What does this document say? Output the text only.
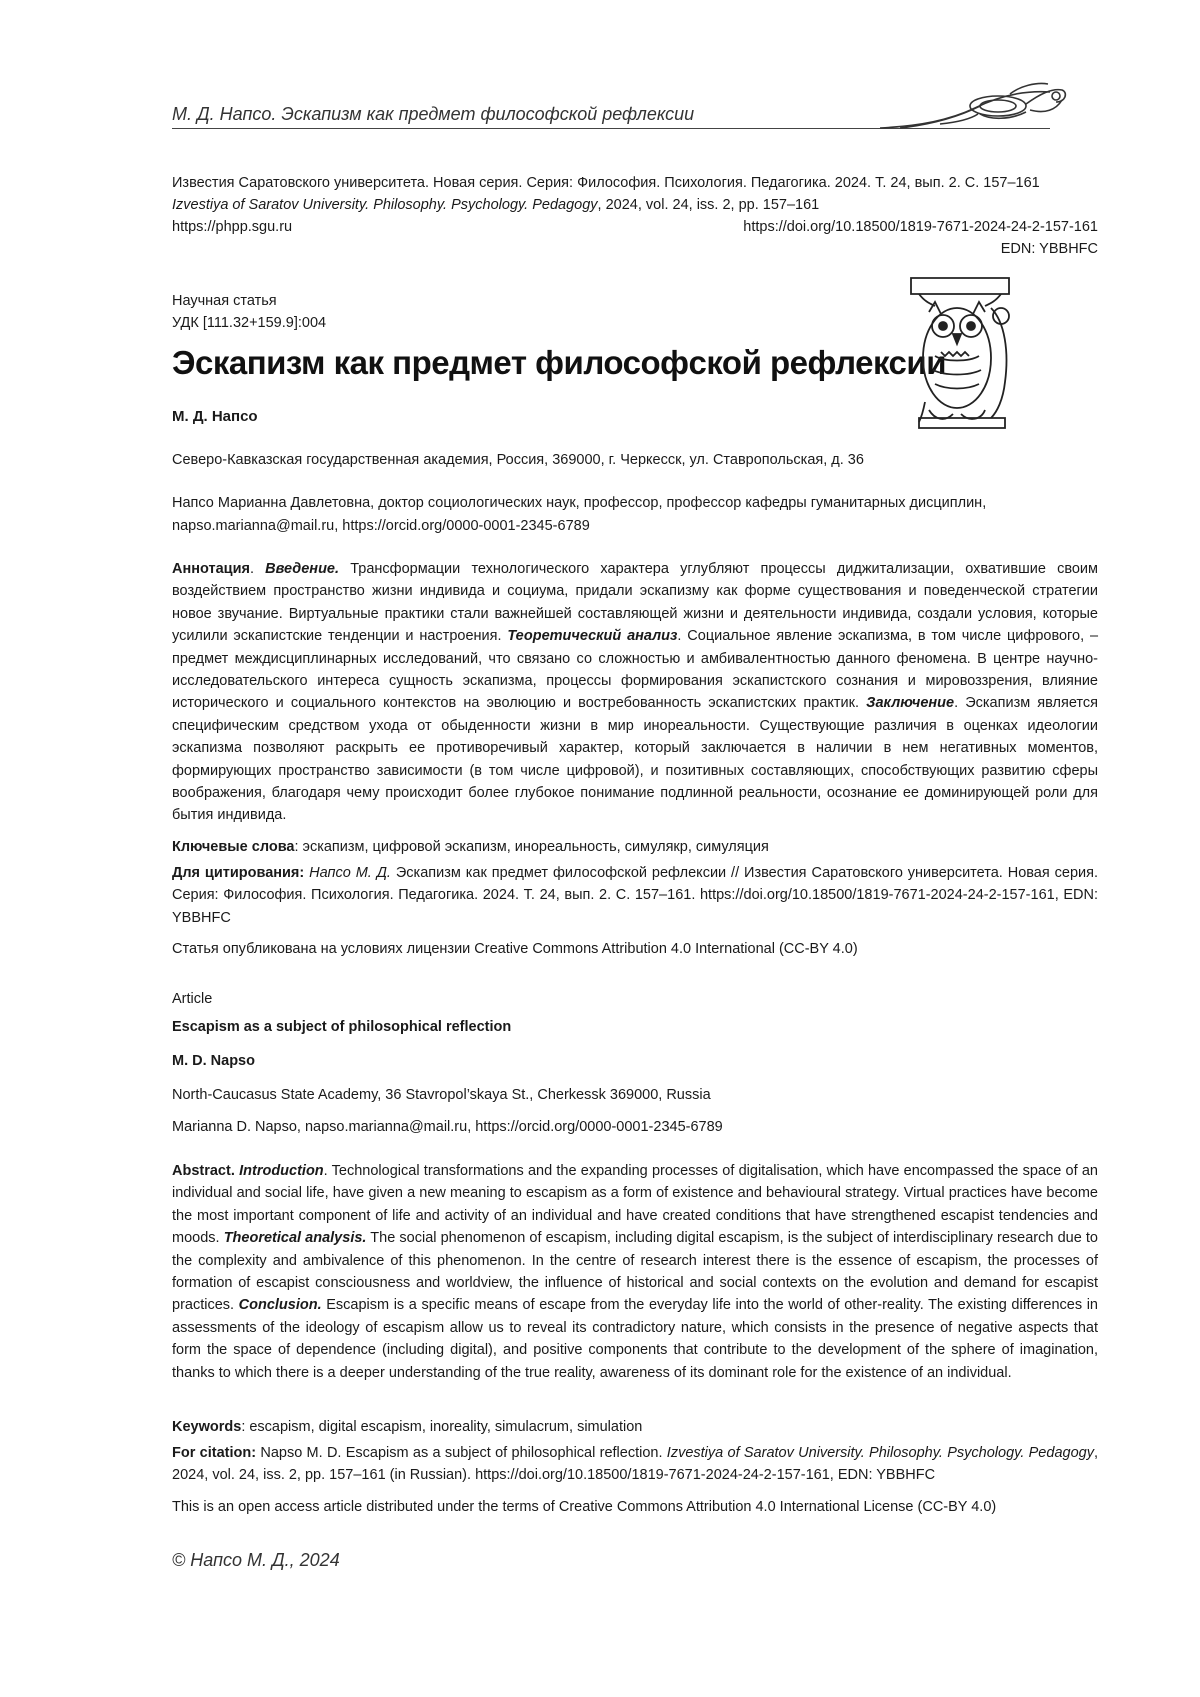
М. Д. Напсо. Эскапизм как предмет философской рефлексии
Известия Саратовского университета. Новая серия. Серия: Философия. Психология. Педагогика. 2024. Т. 24, вып. 2. С. 157–161
Izvestiya of Saratov University. Philosophy. Psychology. Pedagogy, 2024, vol. 24, iss. 2, pp. 157–161
https://phpp.sgu.ru	https://doi.org/10.18500/1819-7671-2024-24-2-157-161
EDN: YBBHFC
Научная статья
УДК [111.32+159.9]:004
Эскапизм как предмет философской рефлексии
М. Д. Напсо
Северо-Кавказская государственная академия, Россия, 369000, г. Черкесск, ул. Ставропольская, д. 36
Напсо Марианна Давлетовна, доктор социологических наук, профессор, профессор кафедры гуманитарных дисциплин, napso.marianna@mail.ru, https://orcid.org/0000-0001-2345-6789
Аннотация. Введение. Трансформации технологического характера углубляют процессы диджитализации, охватившие своим воздействием пространство жизни индивида и социума, придали эскапизму как форме существования и поведенческой стратегии новое звучание. Виртуальные практики стали важнейшей составляющей жизни и деятельности индивида, создали условия, которые усилили эскапистские тенденции и настроения. Теоретический анализ. Социальное явление эскапизма, в том числе цифрового, – предмет междисциплинарных исследований, что связано со сложностью и амбивалентностью данного феномена. В центре научно-исследовательского интереса сущность эскапизма, процессы формирования эскапистского сознания и мировоззрения, влияние исторического и социального контекстов на эволюцию и востребованность эскапистских практик. Заключение. Эскапизм является специфическим средством ухода от обыденности жизни в мир инореальности. Существующие различия в оценках идеологии эскапизма позволяют раскрыть ее противоречивый характер, который заключается в наличии в нем негативных моментов, формирующих пространство зависимости (в том числе цифровой), и позитивных составляющих, способствующих развитию сферы воображения, благодаря чему происходит более глубокое понимание подлинной реальности, осознание ее доминирующей роли для бытия индивида.
Ключевые слова: эскапизм, цифровой эскапизм, инореальность, симулякр, симуляция
Для цитирования: Напсо М. Д. Эскапизм как предмет философской рефлексии // Известия Саратовского университета. Новая серия. Серия: Философия. Психология. Педагогика. 2024. Т. 24, вып. 2. С. 157–161. https://doi.org/10.18500/1819-7671-2024-24-2-157-161, EDN: YBBHFC
Статья опубликована на условиях лицензии Creative Commons Attribution 4.0 International (CC-BY 4.0)
Article
Escapism as a subject of philosophical reflection
M. D. Napso
North-Caucasus State Academy, 36 Stavropol’skaya St., Cherkessk 369000, Russia
Marianna D. Napso, napso.marianna@mail.ru, https://orcid.org/0000-0001-2345-6789
Abstract. Introduction. Technological transformations and the expanding processes of digitalisation, which have encompassed the space of an individual and social life, have given a new meaning to escapism as a form of existence and behavioural strategy. Virtual practices have become the most important component of life and activity of an individual and have created conditions that have strengthened escapist tendencies and moods. Theoretical analysis. The social phenomenon of escapism, including digital escapism, is the subject of interdisciplinary research due to the complexity and ambivalence of this phenomenon. In the centre of research interest there is the essence of escapism, the processes of formation of escapist consciousness and worldview, the influence of historical and social contexts on the evolution and demand for escapist practices. Conclusion. Escapism is a specific means of escape from the everyday life into the world of other-reality. The existing differences in assessments of the ideology of escapism allow us to reveal its contradictory nature, which consists in the presence of negative aspects that form the space of dependence (including digital), and positive components that contribute to the development of the sphere of imagination, thanks to which there is a deeper understanding of the true reality, awareness of its dominant role for the existence of an individual.
Keywords: escapism, digital escapism, inoreality, simulacrum, simulation
For citation: Napso M. D. Escapism as a subject of philosophical reflection. Izvestiya of Saratov University. Philosophy. Psychology. Pedagogy, 2024, vol. 24, iss. 2, pp. 157–161 (in Russian). https://doi.org/10.18500/1819-7671-2024-24-2-157-161, EDN: YBBHFC
This is an open access article distributed under the terms of Creative Commons Attribution 4.0 International License (CC-BY 4.0)
© Напсо М. Д., 2024
